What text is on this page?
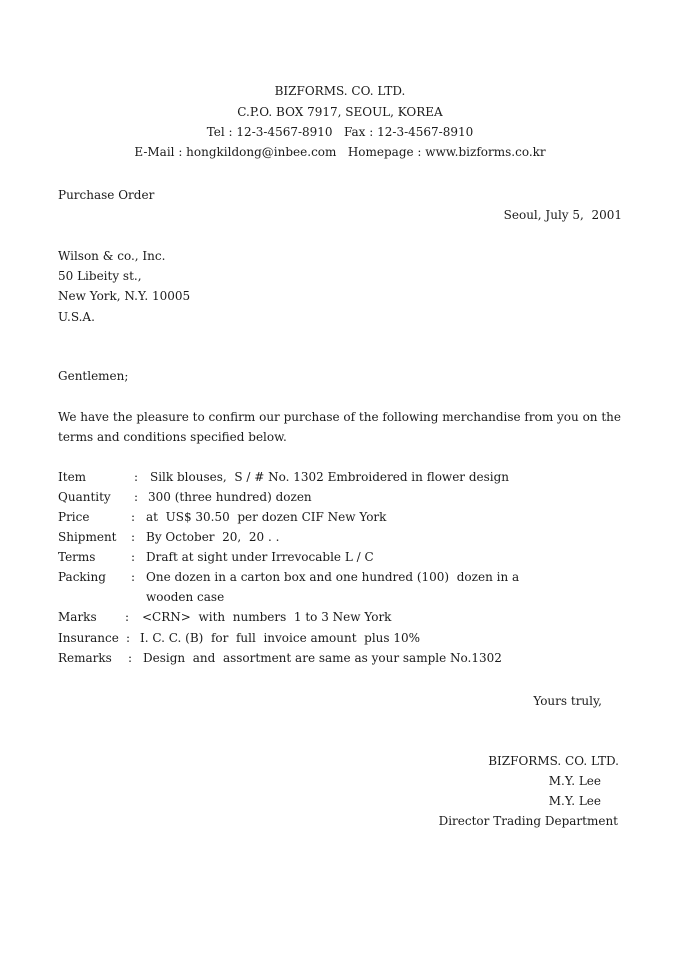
BIZFORMS. CO. LTD.
C.P.O. BOX 7917, SEOUL, KOREA
Tel : 12-3-4567-8910   Fax : 12-3-4567-8910
E-Mail : hongkildong@inbee.com   Homepage : www.bizforms.co.kr
Purchase Order
Seoul, July 5,  2001
Wilson & co., Inc.
50 Libeity st.,
New York, N.Y. 10005
U.S.A.
Gentlemen;
We have the pleasure to confirm our purchase of the following merchandise from you on the terms and conditions specified below.
Item	: Silk blouses,  S / # No. 1302 Embroidered in flower design
Quantity : 300 (three hundred) dozen
Price	: at  US$ 30.50  per dozen CIF New York
Shipment : By October  20,  20 . .
Terms	: Draft at sight under Irrevocable L / C
Packing : One dozen in a carton box and one hundred (100)  dozen in a
wooden case
Marks : <CRN>  with  numbers  1 to 3 New York
Insurance : I. C. C. (B)  for  full  invoice amount  plus 10%
Remarks : Design  and  assortment are same as your sample No.1302
Yours truly,
BIZFORMS. CO. LTD.
M.Y. Lee
M.Y. Lee
Director Trading Department
